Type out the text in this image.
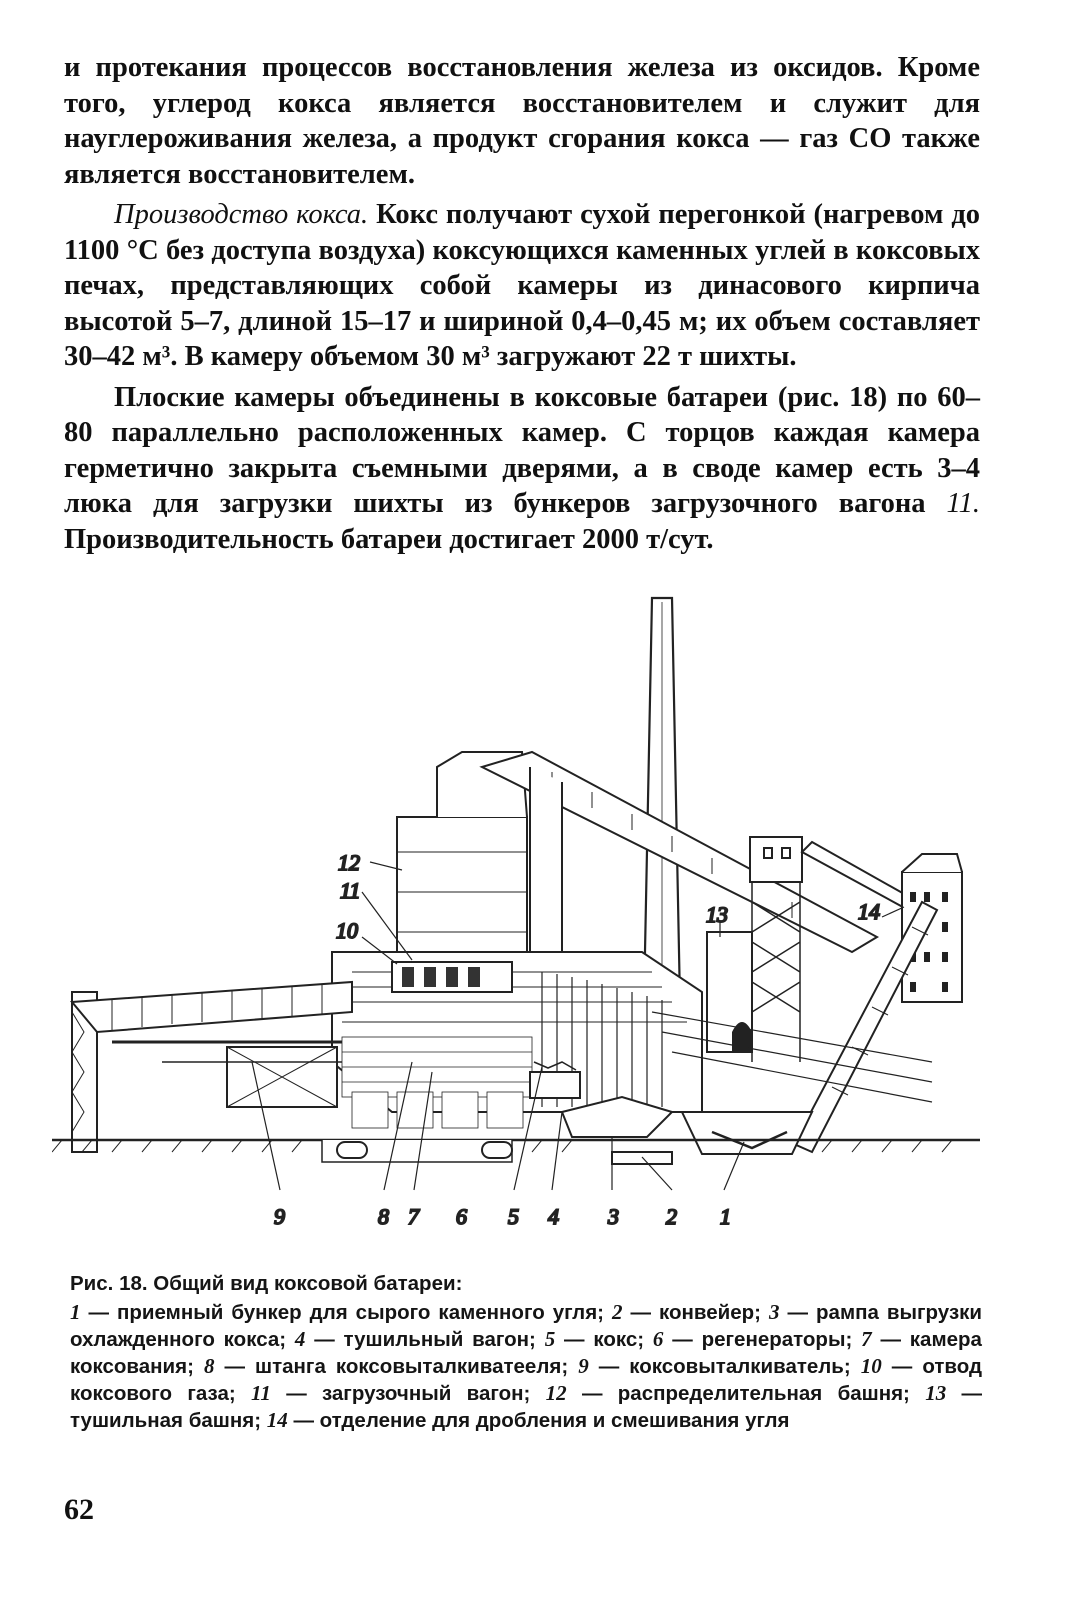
и протекания процессов восстановления железа из оксидов. Кроме того, углерод кокса является восстановителем и служит для науглероживания железа, а продукт сгорания кокса — газ СО также является восстановителем.

Производство кокса. Кокс получают сухой перегонкой (нагревом до 1100 °С без доступа воздуха) коксующихся каменных углей в коксовых печах, представляющих собой камеры из динасового кирпича высотой 5–7, длиной 15–17 и шириной 0,4–0,45 м; их объем составляет 30–42 м³. В камеру объемом 30 м³ загружают 22 т шихты.

Плоские камеры объединены в коксовые батареи (рис. 18) по 60–80 параллельно расположенных камер. С торцов каждая камера герметично закрыта съемными дверями, а в своде камер есть 3–4 люка для загрузки шихты из бункеров загрузочного вагона 11. Производительность батареи достигает 2000 т/сут.

12
11
10
13	14
9	8 7 6 5 4 3 2 1

Рис. 18. Общий вид коксовой батареи:

1 — приемный бункер для сырого каменного угля; 2 — конвейер; 3 — рампа выгрузки охлажденного кокса; 4 — тушильный вагон; 5 — кокс; 6 — регенераторы; 7 — камера коксования; 8 — штанга коксовыталкиватееля; 9 — коксовыталкиватель; 10 — отвод коксового газа; 11 — загрузочный вагон; 12 — распределительная башня; 13 — тушильная башня; 14 — отделение для дробления и смешивания угля

62
